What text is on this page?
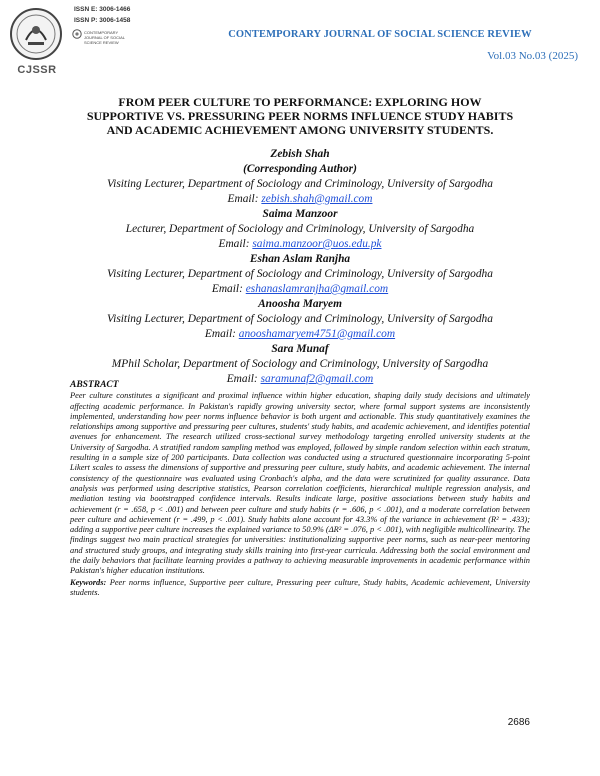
CJSSR
ISSN E: 3006-1466
ISSN P: 3006-1458
CONTEMPORARY JOURNAL OF SOCIAL SCIENCE REVIEW
CONTEMPORARY JOURNAL OF SOCIAL SCIENCE REVIEW
Vol.03 No.03 (2025)
FROM PEER CULTURE TO PERFORMANCE: EXPLORING HOW
SUPPORTIVE VS. PRESSURING PEER NORMS INFLUENCE STUDY HABITS
AND ACADEMIC ACHIEVEMENT AMONG UNIVERSITY STUDENTS.
Zebish Shah
(Corresponding Author)
Visiting Lecturer, Department of Sociology and Criminology, University of Sargodha
Email: zebish.shah@gmail.com
Saima Manzoor
Lecturer, Department of Sociology and Criminology, University of Sargodha
Email: saima.manzoor@uos.edu.pk
Eshan Aslam Ranjha
Visiting Lecturer, Department of Sociology and Criminology, University of Sargodha
Email: eshanaslamranjha@gmail.com
Anoosha Maryem
Visiting Lecturer, Department of Sociology and Criminology, University of Sargodha
Email: anooshamaryem4751@gmail.com
Sara Munaf
MPhil Scholar, Department of Sociology and Criminology, University of Sargodha
Email: saramunaf2@gmail.com
ABSTRACT

Peer culture constitutes a significant and proximal influence within higher education, shaping daily study decisions and ultimately affecting academic performance. In Pakistan's rapidly growing university sector, where formal support systems are inconsistently implemented, understanding how peer norms influence behavior is both urgent and actionable. This study quantitatively examines the relationships among supportive and pressuring peer cultures, students' study habits, and academic achievement, and identifies potential avenues for enhancement. The research utilized cross-sectional survey methodology targeting enrolled university students at the University of Sargodha. A stratified random sampling method was employed, followed by simple random selection within each stratum, resulting in a sample size of 200 participants. Data collection was conducted using a structured questionnaire incorporating 5-point Likert scales to assess the dimensions of supportive and pressuring peer culture, study habits, and academic achievement. The internal consistency of the questionnaire was evaluated using Cronbach's alpha, and the data were scrutinized for quality assurance. Data analysis was performed using descriptive statistics, Pearson correlation coefficients, hierarchical multiple regression analysis, and mediation testing via bootstrapped confidence intervals. Results indicate large, positive associations between study habits and achievement (r = .658, p < .001) and between peer culture and study habits (r = .606, p < .001), and a moderate correlation between peer culture and achievement (r = .499, p < .001). Study habits alone account for 43.3% of the variance in achievement (R² = .433); adding a supportive peer culture increases the explained variance to 50.9% (ΔR² = .076, p < .001), with negligible multicollinearity. The findings suggest two main practical strategies for universities: institutionalizing supportive peer norms, such as near-peer mentoring and structured study groups, and integrating study skills training into first-year curricula. Addressing both the social environment and the daily behaviors that facilitate learning provides a pathway to achieving measurable improvements in academic performance within Pakistan's higher education institutions.

Keywords: Peer norms influence, Supportive peer culture, Pressuring peer culture, Study habits, Academic achievement, University students.
2686
